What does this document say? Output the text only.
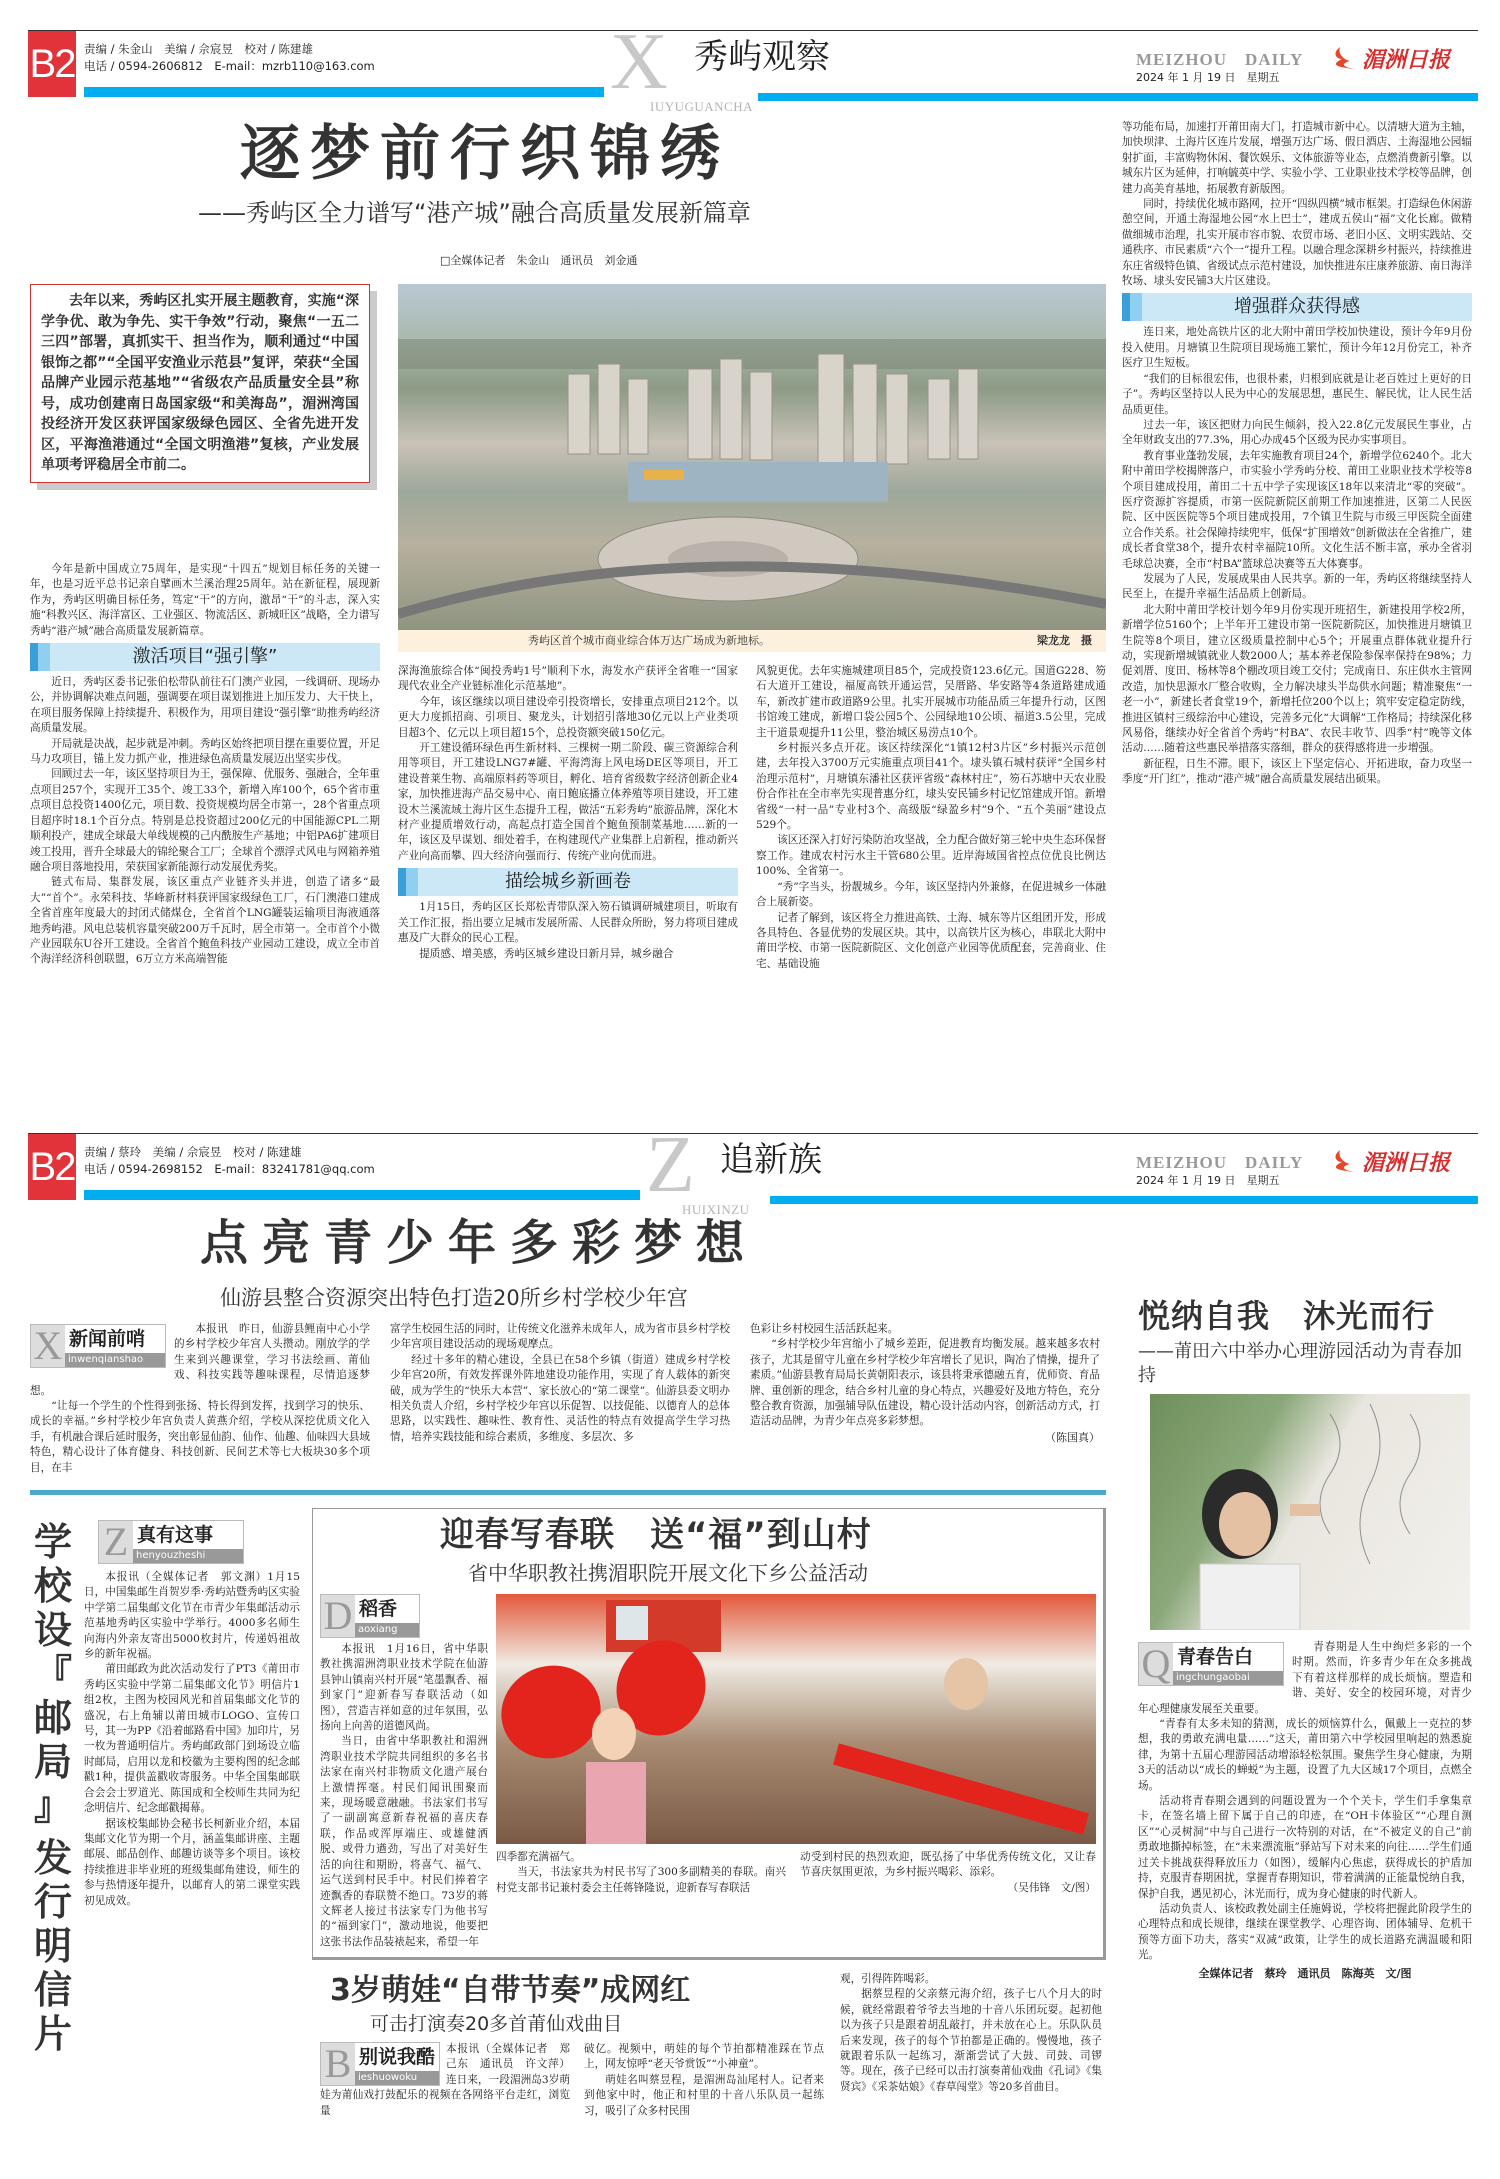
B2 责编 / 朱金山　美编 / 佘宸昱　校对 / 陈建雄
电话 / 0594-2606812　E-mail：mzrb110@163.com	X 秀屿观察
IUYUGUANCHA
MEIZHOU　DAILY
2024 年 1 月 19 日　星期五
湄洲日报
逐梦前行织锦绣
——秀屿区全力谱写“港产城”融合高质量发展新篇章
□全媒体记者　朱金山　通讯员　刘金通

去年以来，秀屿区扎实开展主题教育，实施“深学争优、敢为争先、实干争效”行动，聚焦“一五二三四”部署，真抓实干、担当作为，顺利通过“中国银饰之都”“全国平安渔业示范县”复评，荣获“全国品牌产业园示范基地”“省级农产品质量安全县”称号，成功创建南日岛国家级“和美海岛”，湄洲湾国投经济开发区获评国家级绿色园区、全省先进开发区，平海渔港通过“全国文明渔港”复核，产业发展单项考评稳居全市前二。

秀屿区首个城市商业综合体万达广场成为新地标。	梁龙龙　摄

今年是新中国成立75周年，是实现“十四五”规划目标任务的关键一年，也是习近平总书记亲自擘画木兰溪治理25周年。站在新征程，展现新作为，秀屿区明确目标任务，笃定“干”的方向，激昂“干”的斗志，深入实施“科教兴区、海洋富区、工业强区、物流活区、新城旺区”战略，全力谱写秀屿“港产城”融合高质量发展新篇章。

激活项目“强引擎”

近日，秀屿区委书记张伯松带队前往石门澳产业园，一线调研、现场办公，并协调解决难点问题，强调要在项目谋划推进上加压发力、大干快上，在项目服务保障上持续提升、积极作为，用项目建设“强引擎”助推秀屿经济高质量发展。

开局就是决战，起步就是冲刺。秀屿区始终把项目摆在重要位置，开足马力攻项目，锚上发力抓产业，推进绿色高质量发展迈出坚实步伐。

回顾过去一年，该区坚持项目为王，强保障、优服务、强融合，全年重点项目257个，实现开工35个、竣工33个，新增入库100个，65个省市重点项目总投资1400亿元，项目数、投资规模均居全市第一，28个省重点项目超序时18.1个百分点。特别是总投资超过200亿元的中国能源CPL二期顺利投产，建成全球最大单线规模的己内酰胺生产基地；中铝PA6扩建项目竣工投用，晋升全球最大的锦纶聚合工厂；全球首个漂浮式风电与网箱养殖融合项目落地投用，荣获国家新能源行动发展优秀奖。

链式布局、集群发展，该区重点产业链齐头并进，创造了诸多“最大”“首个”。永荣科技、华峰新材料获评国家级绿色工厂，石门澳港口建成全省首座年度最大的封闭式储煤仓，全省首个LNG罐装运输项目海液通落地秀屿港。风电总装机容量突破200万千瓦时，居全市第一。全市首个小微产业园联东U谷开工建设。全省首个鲍鱼科技产业园动工建设，成立全市首个海洋经济科创联盟，6万立方米高端智能

深海渔旅综合体“闽投秀屿1号”顺利下水，海发水产获评全省唯一“国家现代农业全产业链标准化示范基地”。

今年，该区继续以项目建设牵引投资增长，安排重点项目212个。以更大力度抓招商、引项目、聚龙头，计划招引落地30亿元以上产业类项目超3个、亿元以上项目超15个，总投资额突破150亿元。

开工建设循环绿色再生新材料、三棵树一期二阶段、碳三资源综合利用等项目，开工建设LNG7#罐、平海湾海上风电场DE区等项目，开工建设普莱生物、高端原料药等项目，孵化、培育省级数字经济创新企业4家，加快推进海产品交易中心、南日鲍底播立体养殖等项目建设，开工建设木兰溪流域土海片区生态提升工程，做活“五彩秀屿”旅游品牌，深化木材产业提质增效行动，高起点打造全国首个鲍鱼预制菜基地……新的一年，该区及早谋划、细处着手，在构建现代产业集群上启新程，推动新兴产业向高而攀、四大经济向强而行、传统产业向优而进。

描绘城乡新画卷

1月15日，秀屿区区长郑松青带队深入笏石镇调研城建项目，听取有关工作汇报，指出要立足城市发展所需、人民群众所盼，努力将项目建成惠及广大群众的民心工程。

提质感、增美感，秀屿区城乡建设日新月异，城乡融合

风貌更优。去年实施城建项目85个，完成投资123.6亿元。国道G228、笏石大道开工建设，福厦高铁开通运营，吴厝路、华安路等4条道路建成通车，新改扩建市政道路9公里。扎实开展城市功能品质三年提升行动，区图书馆竣工建成，新增口袋公园5个、公园绿地10公顷、福道3.5公里，完成主干道景观提升11公里，整治城区易涝点10个。

乡村振兴多点开花。该区持续深化“1镇12村3片区”乡村振兴示范创建，去年投入3700万元实施重点项目41个。埭头镇石城村获评“全国乡村治理示范村”，月塘镇东潘社区获评省级“森林村庄”，笏石苏塘中天农业股份合作社在全市率先实现普惠分红，埭头安民铺乡村记忆馆建成开馆。新增省级“一村一品”专业村3个、高级版“绿盈乡村”9个、“五个美丽”建设点529个。

该区还深入打好污染防治攻坚战，全力配合做好第三轮中央生态环保督察工作。建成农村污水主干管680公里。近岸海域国省控点位优良比例达100%、全省第一。

“秀”字当头，扮靓城乡。今年，该区坚持内外兼修，在促进城乡一体融合上展新姿。

记者了解到，该区将全力推进高铁、土海、城东等片区组团开发，形成各具特色、各显优势的发展区块。其中，以高铁片区为核心，串联北大附中莆田学校、市第一医院新院区、文化创意产业园等优质配套，完善商业、住宅、基础设施

等功能布局，加速打开莆田南大门，打造城市新中心。以清塘大道为主轴，加快坝津、土海片区连片发展，增强万达广场、假日酒店、土海湿地公园辐射扩面，丰富购物休闲、餐饮娱乐、文体旅游等业态，点燃消费新引擎。以城东片区为延伸，打响毓英中学、实验小学、工业职业技术学校等品牌，创建力高美育基地，拓展教育新版图。

同时，持续优化城市路网，拉开“四纵四横”城市框架。打造绿色休闲游憩空间，开通土海湿地公园“水上巴士”，建成五侯山“福”文化长廊。做精做细城市治理，扎实开展市容市貌、农贸市场、老旧小区、文明实践站、交通秩序、市民素质“六个一”提升工程。以融合理念深耕乡村振兴，持续推进东庄省级特色镇、省级试点示范村建设，加快推进东庄康养旅游、南日海洋牧场、埭头安民铺3大片区建设。

增强群众获得感

连日来，地处高铁片区的北大附中莆田学校加快建设，预计今年9月份投入使用。月塘镇卫生院项目现场施工繁忙，预计今年12月份完工，补齐医疗卫生短板。

“我们的目标很宏伟，也很朴素，归根到底就是让老百姓过上更好的日子”。秀屿区坚持以人民为中心的发展思想，惠民生、解民忧，让人民生活品质更佳。

过去一年，该区把财力向民生倾斜，投入22.8亿元发展民生事业，占全年财政支出的77.3%，用心办成45个区级为民办实事项目。

教育事业蓬勃发展，去年实施教育项目24个，新增学位6240个。北大附中莆田学校揭牌落户，市实验小学秀屿分校、莆田工业职业技术学校等8个项目建成投用，莆田二十五中学子实现该区18年以来清北“零的突破”。医疗资源扩容提质，市第一医院新院区前期工作加速推进，区第二人民医院、区中医医院等5个项目建成投用，7个镇卫生院与市级三甲医院全面建立合作关系。社会保障持续兜牢，低保“扩围增效”创新做法在全省推广，建成长者食堂38个，提升农村幸福院10所。文化生活不断丰富，承办全省羽毛球总决赛，全市“村BA”篮球总决赛等五大体赛事。

发展为了人民，发展成果由人民共享。新的一年，秀屿区将继续坚持人民至上，在提升幸福生活品质上创新局。

北大附中莆田学校计划今年9月份实现开班招生，新建投用学校2所，新增学位5160个；上半年开工建设市第一医院新院区，加快推进月塘镇卫生院等8个项目，建立区级质量控制中心5个；开展重点群体就业提升行动，实现新增城镇就业人数2000人；基本养老保险参保率保持在98%；力促刘厝、度田、杨林等8个棚改项目竣工交付；完成南日、东庄供水主管网改造，加快思源水厂整合收购，全力解决埭头半岛供水问题；精准聚焦“一老一小”，新建长者食堂19个，新增托位200个以上；筑牢安定稳定防线，推进区镇村三级综治中心建设，完善多元化“大调解”工作格局；持续深化移风易俗，继续办好全省首个秀屿“村BA”、农民丰收节、四季“村”晚等文体活动……随着这些惠民举措落实落细，群众的获得感将进一步增强。

新征程，日生不滞。眼下，该区上下坚定信心、开拓进取，奋力攻坚一季度“开门红”，推动“港产城”融合高质量发展结出硕果。

B2 责编 / 蔡玲　美编 / 佘宸昱　校对 / 陈建雄
电话 / 0594-2698152　E-mail：83241781@qq.com	Z 追新族
HUIXINZU
MEIZHOU　DAILY
2024 年 1 月 19 日　星期五
湄洲日报
点亮青少年多彩梦想
仙游县整合资源突出特色打造20所乡村学校少年宫
X 新闻前哨
inwenqianshao

本报讯　昨日，仙游县鲤南中心小学的乡村学校少年宫人头攒动。刚放学的学生来到兴趣课堂，学习书法绘画、莆仙戏、科技实践等趣味课程，尽情追逐梦想。

“让每一个学生的个性得到张扬、特长得到发挥，找到学习的快乐、成长的幸福。”乡村学校少年宫负责人黄燕介绍，学校从深挖优质文化入手，有机融合课后延时服务，突出彰显仙韵、仙作、仙趣、仙味四大县域特色，精心设计了体育健身、科技创新、民间艺术等七大板块30多个项目，在丰

富学生校园生活的同时，让传统文化滋养未成年人，成为省市县乡村学校少年宫项目建设活动的现场观摩点。

经过十多年的精心建设，全县已在58个乡镇（街道）建成乡村学校少年宫20所，有效发挥课外阵地建设功能作用，实现了育人载体的新突破，成为学生的“快乐大本营”、家长放心的“第二课堂”。仙游县委文明办相关负责人介绍，乡村学校少年宫以乐促智、以技促能、以德育人的总体思路，以实践性、趣味性、教育性、灵活性的特点有效提高学生学习热情，培养实践技能和综合素质，多维度、多层次、多

色彩让乡村校园生活活跃起来。

“乡村学校少年宫缩小了城乡差距，促进教育均衡发展。越来越多农村孩子，尤其是留守儿童在乡村学校少年宫增长了见识，陶冶了情操，提升了素质。”仙游县教育局局长黄朝阳表示，该县将秉承德融五育，优师资、育品牌、重创新的理念，结合乡村儿童的身心特点，兴趣爱好及地方特色，充分整合教育资源，加强辅导队伍建设，精心设计活动内容，创新活动方式，打造活动品牌，为青少年点亮多彩梦想。

（陈国真）

悦纳自我　沐光而行
——莆田六中举办心理游园活动为青春加持
Q 青春告白
ingchungaobai

青春期是人生中绚烂多彩的一个时期。然而，许多青少年在众多挑战下有着这样那样的成长烦恼。塑造和谐、美好、安全的校园环境，对青少年心理健康发展至关重要。

“青春有太多未知的猜测，成长的烦恼算什么，佩戴上一克拉的梦想，我的勇敢充满电量……”这天，莆田第六中学校园里响起的熟悉旋律，为第十五届心理游园活动增添轻松氛围。聚焦学生身心健康，为期3天的活动以“成长的蝉蜕”为主题，设置了九大区域17个项目，点燃全场。

活动将青春期会遇到的问题设置为一个个关卡，学生们手拿集章卡，在签名墙上留下属于自己的印迹，在“OH卡体验区”“心理自测区”“心灵树洞”中与自己进行一次特别的对话，在“不被定义的自己”前勇敢地撕掉标签，在“未来漂流瓶”驿站写下对未来的向往……学生们通过关卡挑战获得释放压力（如图），缓解内心焦虑，获得成长的护盾加持，克服青春期困扰，掌握青春期知识，带着满满的正能量悦纳自我，保护自我，遇见初心，沐光而行，成为身心健康的时代新人。

活动负责人、该校政教处副主任施姆说，学校将把握此阶段学生的心理特点和成长规律，继续在课堂教学、心理咨询、团体辅导、危机干预等方面下功夫，落实“双减”政策，让学生的成长道路充满温暖和阳光。

全媒体记者　蔡玲　通讯员　陈海英　文/图

学
校
设
『
邮
局
』
发
行
明
信
片
Z 真有这事
henyouzheshi

本报讯（全媒体记者　郭文渊）1月15日，中国集邮生肖贺岁季·秀屿站暨秀屿区实验中学第二届集邮文化节在市青少年集邮活动示范基地秀屿区实验中学举行。4000多名师生向海内外亲友寄出5000枚封片，传递妈祖故乡的新年祝福。

莆田邮政为此次活动发行了PT3《莆田市秀屿区实验中学第二届集邮文化节》明信片1组2枚，主图为校园风光和首届集邮文化节的盛况，右上角辅以莆田城市LOGO、宣传口号，其一为PP《沿着邮路看中国》加印片，另一枚为普通明信片。秀屿邮政部门到场设立临时邮局，启用以龙和校徽为主要构图的纪念邮戳1种，提供盖戳收寄服务。中华全国集邮联合会会士罗道光、陈国成和全校师生共同为纪念明信片、纪念邮戳揭幕。

据该校集邮协会秘书长柯新业介绍，本届集邮文化节为期一个月，涵盖集邮讲座、主题邮展、邮品创作、邮趣访谈等多个项目。该校持续推进非毕业班的班级集邮角建设，师生的参与热情逐年提升，以邮育人的第二课堂实践初见成效。

迎春写春联　送“福”到山村
省中华职教社携湄职院开展文化下乡公益活动
D 稻香
aoxiang

本报讯　1月16日，省中华职教社携湄洲湾职业技术学院在仙游县钟山镇南兴村开展“笔墨飘香、福到家门”迎新春写春联活动（如图），营造吉祥如意的过年氛围，弘扬向上向善的道德风尚。

当日，由省中华职教社和湄洲湾职业技术学院共同组织的多名书法家在南兴村非物质文化遗产展台上激情挥毫。村民们闻讯围聚而来，现场暖意融融。书法家们书写了一副副寓意新春祝福的喜庆春联，作品或浑厚端庄、或雄健洒脱、或骨力遒劲，写出了对美好生活的向往和期盼，将喜气、福气、运气送到村民手中。村民们捧着字迹飘香的春联赞不绝口。73岁的蒋文辉老人接过书法家专门为他书写的“福到家门”，激动地说，他要把这张书法作品装裱起来，希望一年

四季都充满福气。

当天，书法家共为村民书写了300多副精美的春联。南兴村党支部书记兼村委会主任蒋锋隆说，迎新春写春联活

动受到村民的热烈欢迎，既弘扬了中华优秀传统文化，又让春节喜庆氛围更浓，为乡村振兴喝彩、添彩。

（吴伟锋　文/图）

3岁萌娃“自带节奏”成网红
可击打演奏20多首莆仙戏曲目
B 别说我酷
ieshuowoku

本报讯（全媒体记者　郑己东　通讯员　许文萍）连日来，一段湄洲岛3岁萌娃为莆仙戏打鼓配乐的视频在各网络平台走红，浏览量

破亿。视频中，萌娃的每个节拍都精准踩在节点上，网友惊呼“老天爷赏饭”“小神童”。

萌娃名叫蔡昱程，是湄洲岛汕尾村人。记者来到他家中时，他正和村里的十音八乐队员一起练习，吸引了众多村民围

观，引得阵阵喝彩。

据蔡昱程的父亲蔡元海介绍，孩子七八个月大的时候，就经常跟着爷爷去当地的十音八乐团玩耍。起初他以为孩子只是跟着胡乱敲打，并未放在心上。乐队队员后来发现，孩子的每个节拍都是正确的。慢慢地，孩子就跟着乐队一起练习，渐渐尝试了大鼓、司鼓、司锣等。现在，孩子已经可以击打演奏莆仙戏曲《孔词》《集贤宾》《采茶姑娘》《春草闯堂》等20多首曲目。
